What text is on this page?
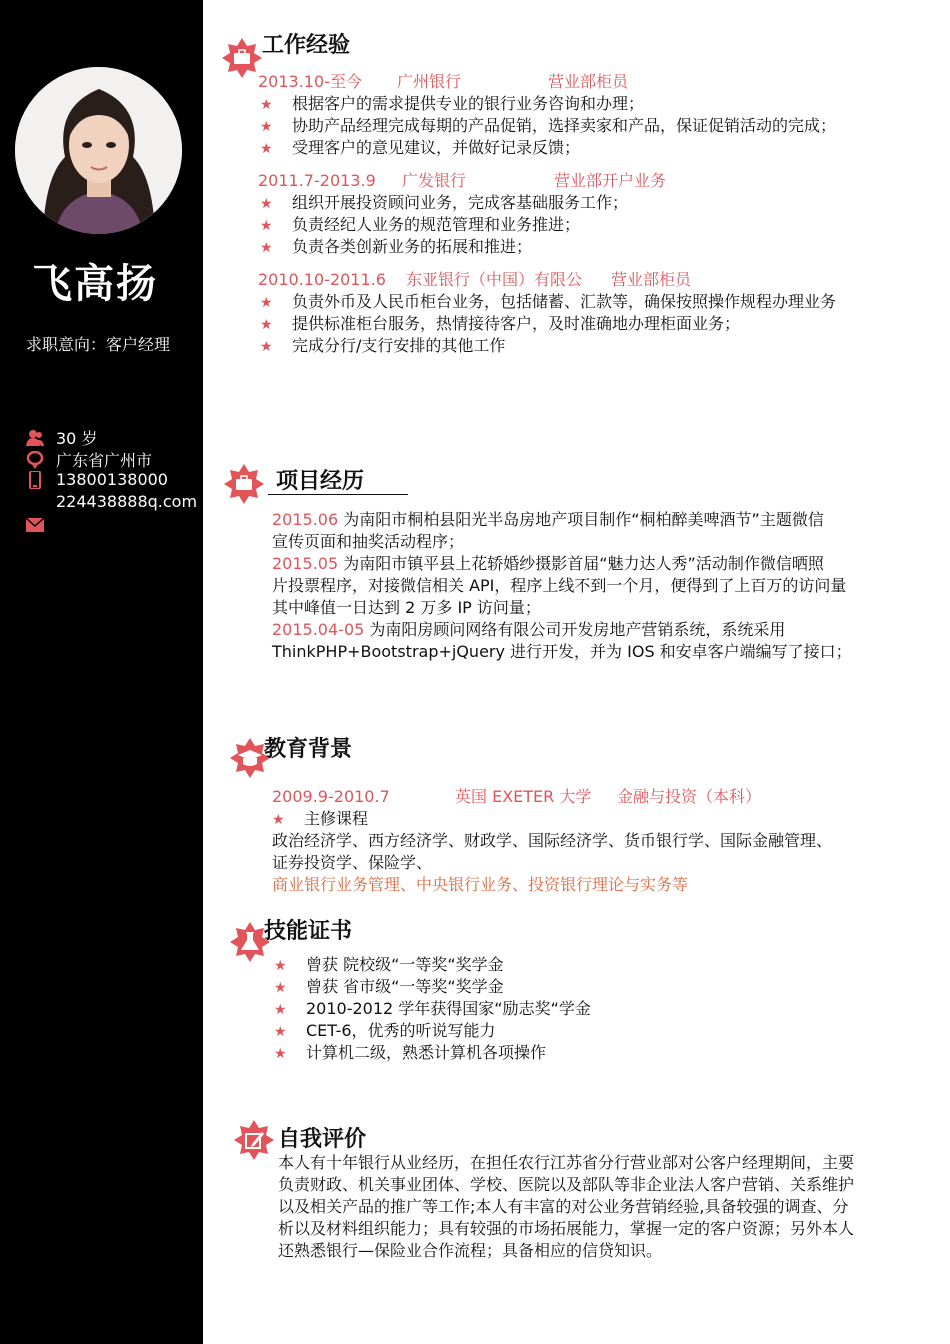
飞高扬
求职意向：客户经理
30 岁
广东省广州市
13800138000
224438888q.com
工作经验
2013.10-至今 广州银行	营业部柜员
★ 根据客户的需求提供专业的银行业务咨询和办理；
★ 协助产品经理完成每期的产品促销，选择卖家和产品，保证促销活动的完成；
★ 受理客户的意见建议，并做好记录反馈；
2011.7-2013.9 广发银行	营业部开户业务
★ 组织开展投资顾问业务，完成客基础服务工作；
★ 负责经纪人业务的规范管理和业务推进；
★ 负责各类创新业务的拓展和推进；
2010.10-2011.6 东亚银行（中国）有限公 营业部柜员
★ 负责外币及人民币柜台业务，包括储蓄、汇款等，确保按照操作规程办理业务
★ 提供标准柜台服务，热情接待客户，及时准确地办理柜面业务；
★ 完成分行/支行安排的其他工作
项目经历
2015.06 为南阳市桐柏县阳光半岛房地产项目制作“桐柏醉美啤酒节”主题微信
宣传页面和抽奖活动程序；
2015.05 为南阳市镇平县上花轿婚纱摄影首届“魅力达人秀”活动制作微信晒照
片投票程序，对接微信相关 API，程序上线不到一个月，便得到了上百万的访问量
其中峰值一日达到 2 万多 IP 访问量；
2015.04-05 为南阳房顾问网络有限公司开发房地产营销系统，系统采用
ThinkPHP+Bootstrap+jQuery 进行开发，并为 IOS 和安卓客户端编写了接口；
教育背景
2009.9-2010.7	英国 EXETER 大学 金融与投资（本科）
★ 主修课程
政治经济学、西方经济学、财政学、国际经济学、货币银行学、国际金融管理、
证券投资学、保险学、
商业银行业务管理、中央银行业务、投资银行理论与实务等
技能证书
★ 曾获 院校级“一等奖“奖学金
★ 曾获 省市级“一等奖“奖学金
★ 2010-2012 学年获得国家“励志奖“学金
★ CET-6，优秀的听说写能力
★ 计算机二级，熟悉计算机各项操作
自我评价
本人有十年银行从业经历，在担任农行江苏省分行营业部对公客户经理期间，主要
负责财政、机关事业团体、学校、医院以及部队等非企业法人客户营销、关系维护
以及相关产品的推广等工作;本人有丰富的对公业务营销经验,具备较强的调查、分
析以及材料组织能力；具有较强的市场拓展能力，掌握一定的客户资源；另外本人
还熟悉银行—保险业合作流程；具备相应的信贷知识。
